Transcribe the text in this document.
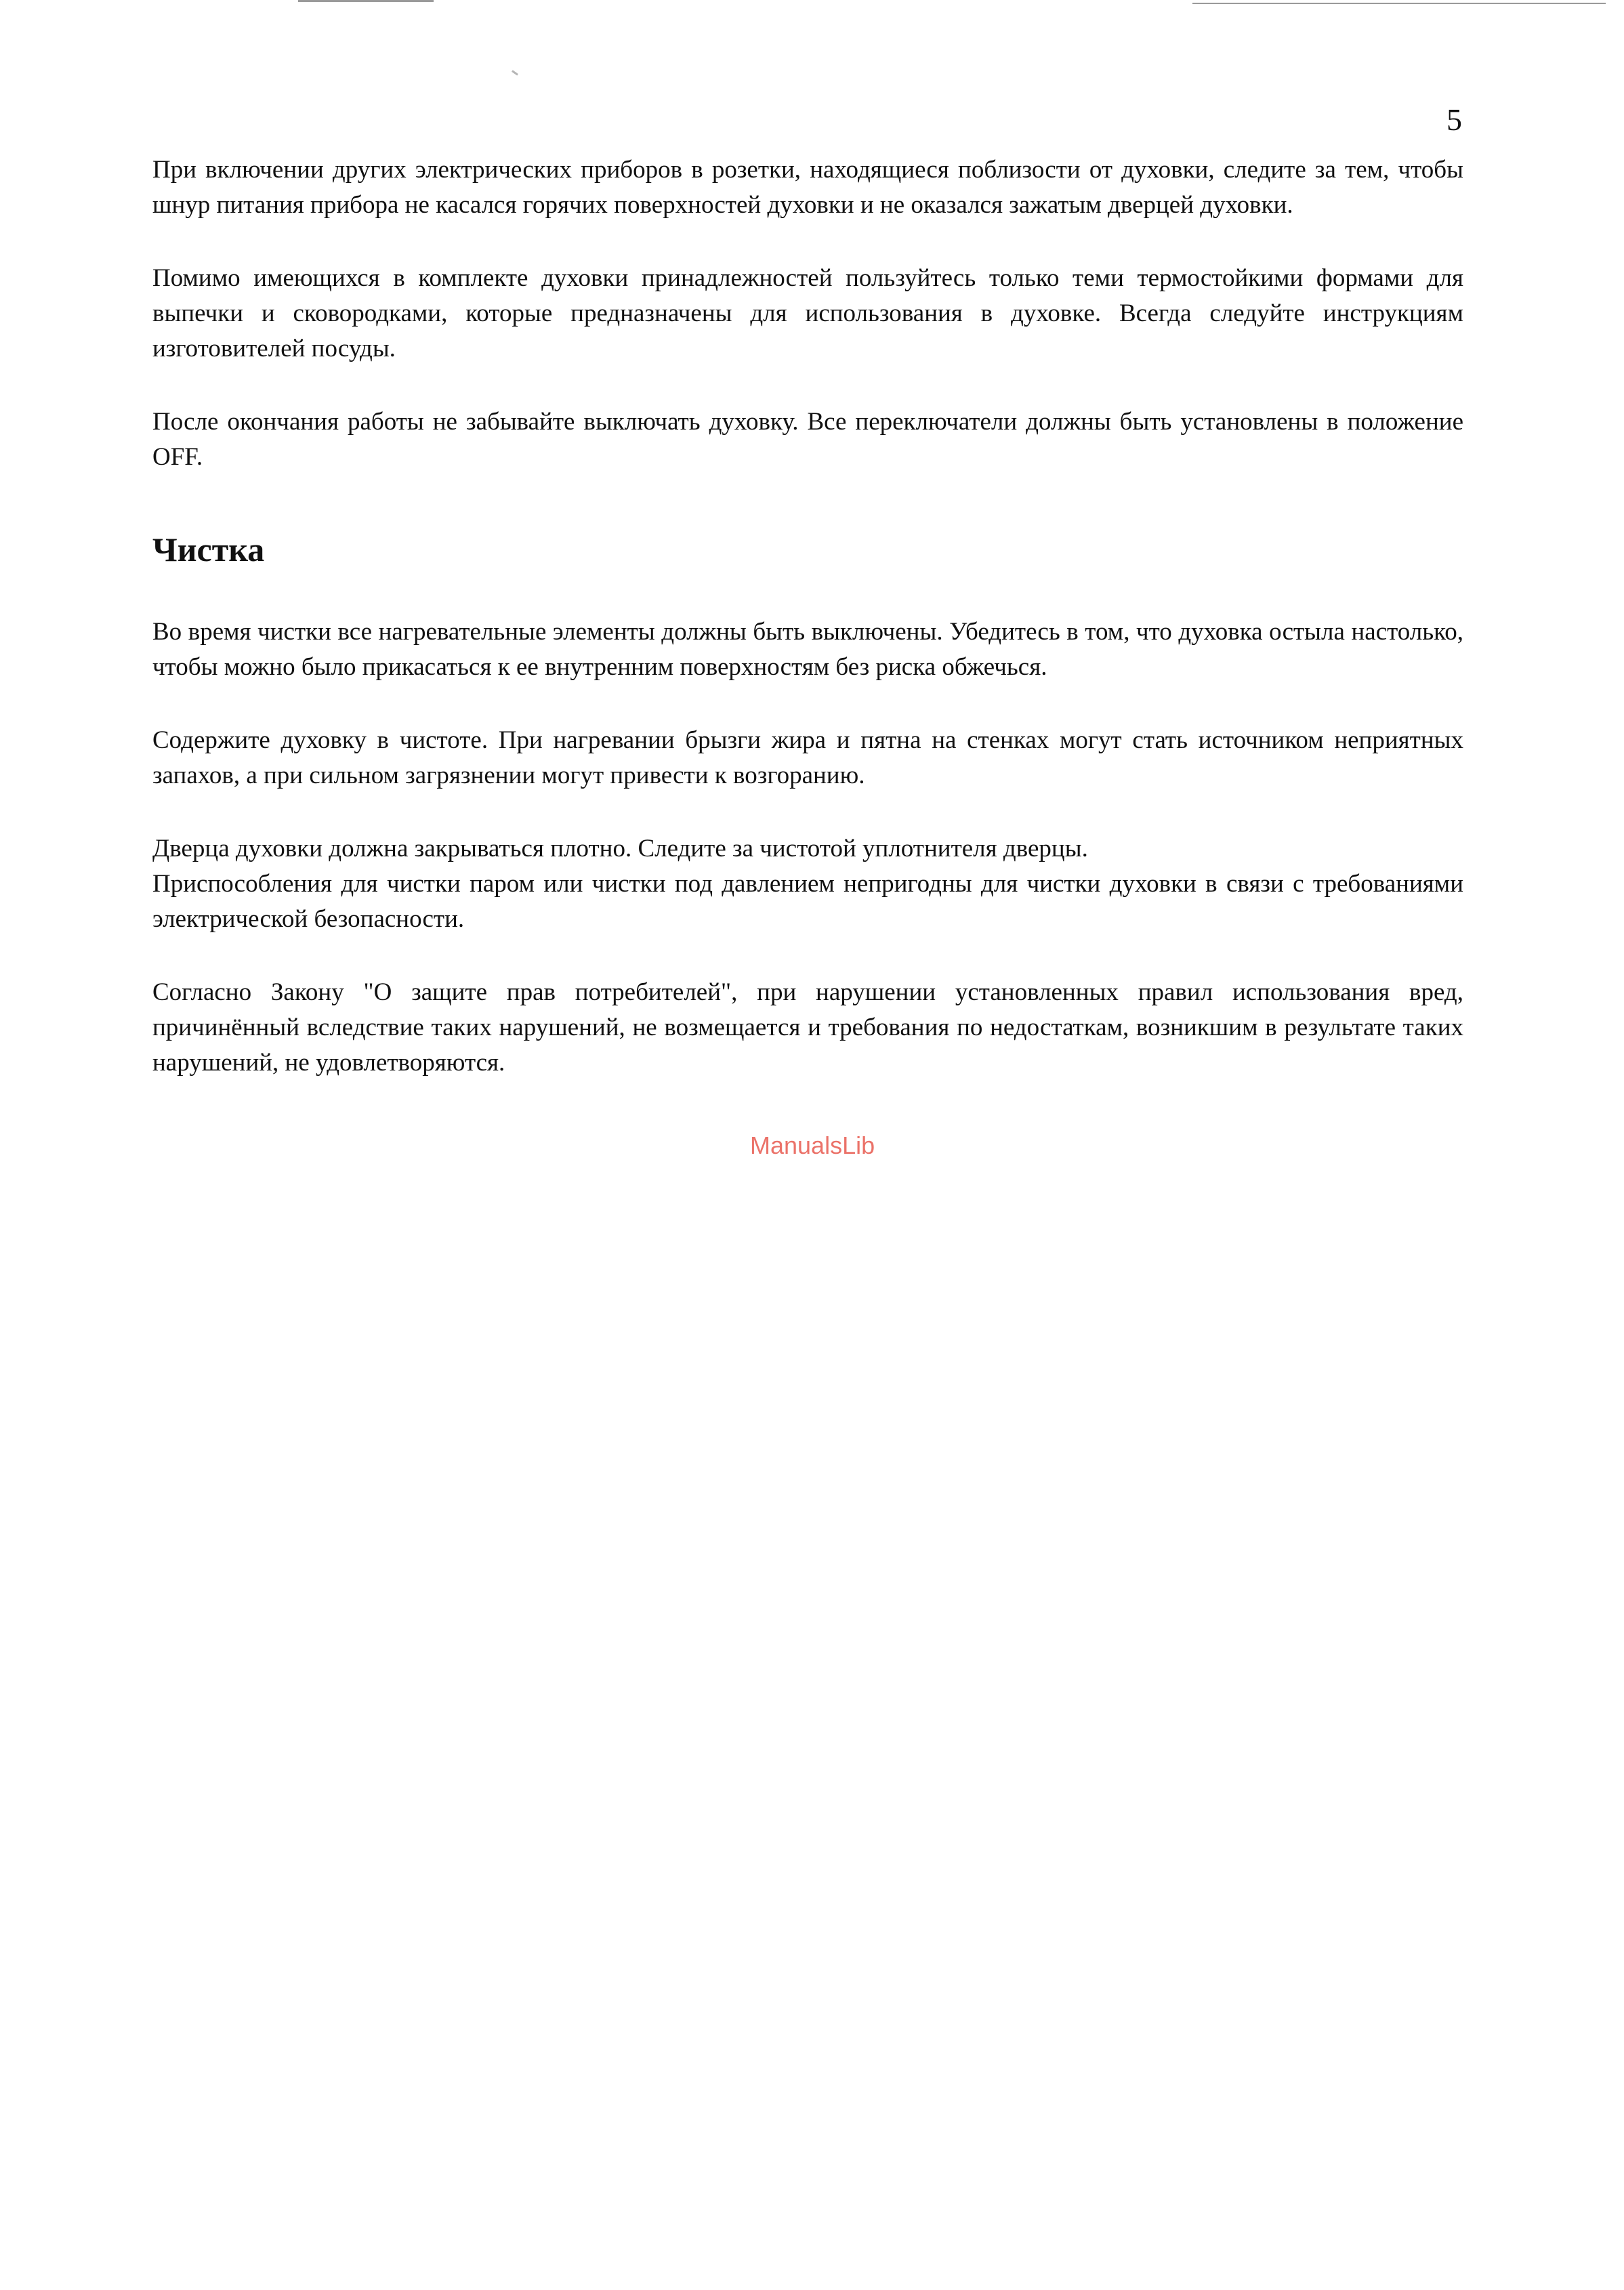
5

При включении других электрических приборов в розетки, находящиеся поблизости от духовки, следите за тем, чтобы шнур питания прибора не касался горячих поверхностей духовки и не оказался зажатым дверцей духовки.

Помимо имеющихся в комплекте духовки принадлежностей пользуйтесь только теми термостойкими формами для выпечки и сковородками, которые предназначены для использования в духовке. Всегда следуйте инструкциям изготовителей посуды.

После окончания работы не забывайте выключать духовку. Все переключатели должны быть установлены в положение OFF.

Чистка

Во время чистки все нагревательные элементы должны быть выключены. Убедитесь в том, что духовка остыла настолько, чтобы можно было прикасаться к ее внутренним поверхностям без риска обжечься.

Содержите духовку в чистоте. При нагревании брызги жира и пятна на стенках могут стать источником неприятных запахов, а при сильном загрязнении могут привести к возгоранию.

Дверца духовки должна закрываться плотно. Следите за чистотой уплотнителя дверцы.

Приспособления для чистки паром или чистки под давлением непригодны для чистки духовки в связи с требованиями электрической безопасности.

Согласно Закону "О защите прав потребителей", при нарушении установленных правил использования вред, причинённый вследствие таких нарушений, не возмещается и требования по недостаткам, возникшим в результате таких нарушений, не удовлетворяются.

ManualsLib
